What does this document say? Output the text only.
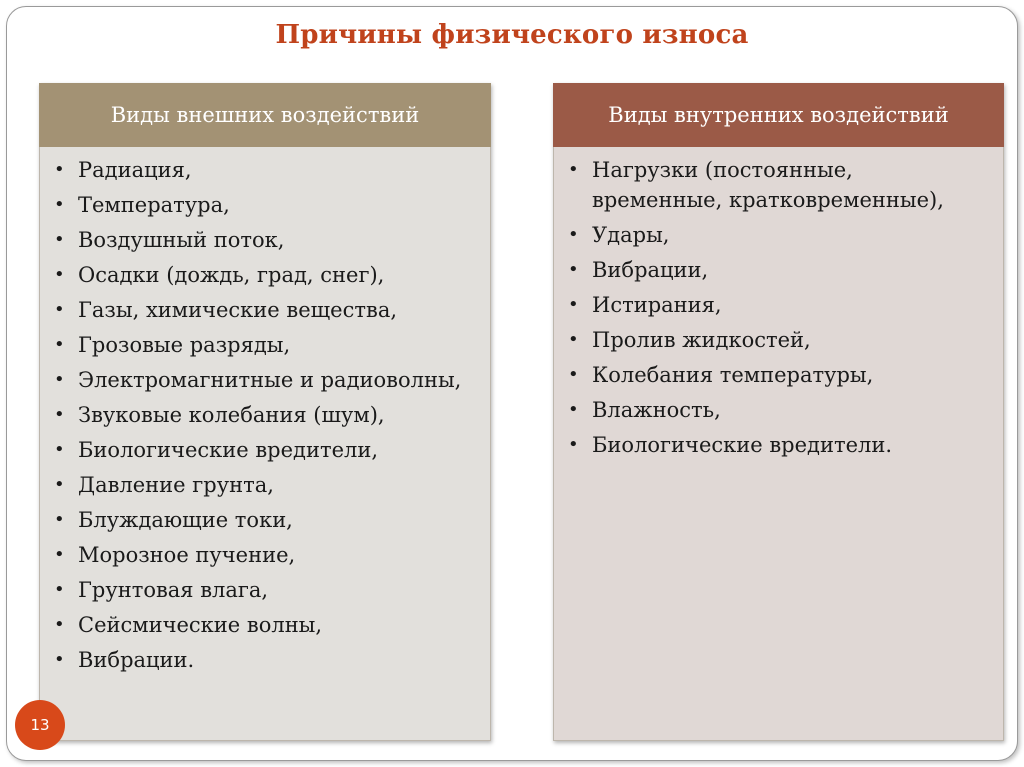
Причины физического износа
Виды внешних воздействий
• Радиация,
• Температура,
• Воздушный поток,
• Осадки (дождь, град, снег),
• Газы, химические вещества,
• Грозовые разряды,
• Электромагнитные и радиоволны,
• Звуковые колебания (шум),
• Биологические вредители,
• Давление грунта,
• Блуждающие токи,
• Морозное пучение,
• Грунтовая влага,
• Сейсмические волны,
• Вибрации.
Виды внутренних воздействий
• Нагрузки (постоянные, временные, кратковременные),
• Удары,
• Вибрации,
• Истирания,
• Пролив жидкостей,
• Колебания температуры,
• Влажность,
• Биологические вредители.
13
